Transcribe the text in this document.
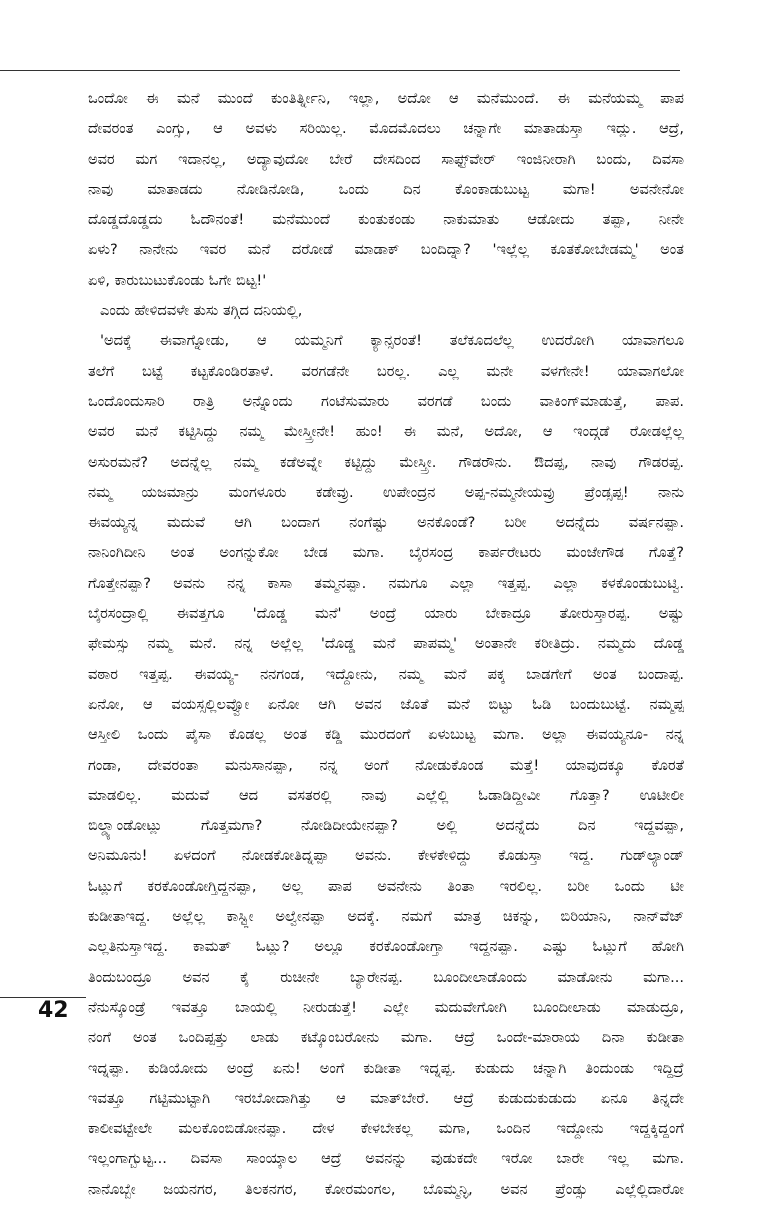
ಒಂದೋ ಈ ಮನೆ ಮುಂದೆ ಕುಂತಿರ್ತ್ನೀನಿ, ಇಲ್ಲಾ, ಅದೋ ಆ ಮನೆಮುಂದೆ. ಈ ಮನೆಯಮ್ಮ ಪಾಪ
ದೇವರಂತ ಎಂಗ್ಸು, ಆ ಅವಳು ಸರಿಯಿಲ್ಲ. ಮೊದಮೊದಲು ಚನ್ನಾಗೇ ಮಾತಾಡುಸ್ತಾ ಇದ್ಲು. ಆದ್ರೆ,
ಅವರ ಮಗ ಇದಾನಲ್ಲ, ಅದ್ಯಾವುದೋ ಬೇರೆ ದೇಸದಿಂದ ಸಾಫ್ಟ್‌ವೇರ್ ಇಂಜಿನೀರಾಗಿ ಬಂದು, ದಿವಸಾ
ನಾವು ಮಾತಾಡದು ನೋಡಿನೋಡಿ, ಒಂದು ದಿನ ಕೊಂಕಾಡುಬುಟ್ಟ ಮಗಾ! ಅವನೇನೋ
ದೊಡ್ಡದೊಡ್ಡದು ಓದೌನಂತೆ! ಮನೆಮುಂದೆ ಕುಂತುಕಂಡು ನಾಕುಮಾತು ಆಡೋದು ತಪ್ಪಾ, ನೀನೇ
ಏಳು? ನಾನೇನು ಇವರ ಮನೆ ದರೋಡೆ ಮಾಡಾಕ್ ಬಂದಿದ್ನಾ? 'ಇಲ್ಲೆಲ್ಲ ಕೂತಕೋಬೇಡಮ್ಮ' ಅಂತ
ಏಳಿ, ಕಾರುಬುಟುಕೊಂಡು ಓಗೇ ಬಿಟ್ಟ!'
ಎಂದು ಹೇಳಿದವಳೇ ತುಸು ತಗ್ಗಿದ ದನಿಯಲ್ಲಿ,
'ಅದಕ್ಕೆ ಈವಾಗ್ನೋಡು, ಆ ಯಮ್ಮನಿಗೆ ಕ್ಯಾನ್ಸರಂತೆ! ತಲೆಕೂದಲೆಲ್ಲ ಉದರೋಗಿ ಯಾವಾಗಲೂ
ತಲೆಗೆ ಬಟ್ಟೆ ಕಟ್ಟಕೊಂಡಿರತಾಳೆ. ವರಗಡೆನೇ ಬರಲ್ಲ. ಎಲ್ಲ ಮನೇ ವಳಗೇನೇ! ಯಾವಾಗಲೋ
ಒಂದೊಂದುಸಾರಿ ರಾತ್ರಿ ಅನ್ನೊಂದು ಗಂಟೆಸುಮಾರು ವರಗಡೆ ಬಂದು ವಾಕಿಂಗ್‌ಮಾಡುತ್ತೆ, ಪಾಪ.
ಅವರ ಮನೆ ಕಟ್ಟಿಸಿದ್ದು ನಮ್ಮ ಮೇಸ್ತ್ರೀನೇ! ಹುಂ! ಈ ಮನೆ, ಅದೋ, ಆ ಇಂದ್ಗಡೆ ರೋಡಲ್ಲೆಲ್ಲ
ಅಸುರಮನೆ? ಅದನ್ನೆಲ್ಲ ನಮ್ಮ ಕಡೆಅವ್ನೇ ಕಟ್ಟಿದ್ದು ಮೇಸ್ತ್ರೀ. ಗೌಡರೌನು. ಔದಪ್ಪ, ನಾವು ಗೌಡರಪ್ಪ.
ನಮ್ಮ ಯಜಮಾನ್ರು ಮಂಗಳೂರು ಕಡೇವ್ರು. ಉಪೇಂದ್ರನ ಅಪ್ಪ-ನಮ್ಮನೇಯವ್ರು ಪ್ರೆಂಡ್ಸಪ್ಪ! ನಾನು
ಈವಯ್ಯನ್ನ ಮದುವೆ ಆಗಿ ಬಂದಾಗ ನಂಗೆಷ್ಟು ಅನಕೊಂಡೆ? ಬರೀ ಅದನ್ನೆದು ವರ್ಷನಪ್ಪಾ.
ನಾನಿಂಗಿದೀನಿ ಅಂತ ಅಂಗನ್ನುಕೋ ಬೇಡ ಮಗಾ. ಬೈರಸಂದ್ರ ಕಾರ್ಪರೇಟರು ಮಂಜೇಗೌಡ ಗೊತ್ತೆ?
ಗೊತ್ತೇನಪ್ಪಾ? ಅವನು ನನ್ನ ಕಾಸಾ ತಮ್ಮನಪ್ಪಾ. ನಮಗೂ ಎಲ್ಲಾ ಇತ್ತಪ್ಪ. ಎಲ್ಲಾ ಕಳಕೊಂಡುಬುಟ್ವಿ.
ಬೈರಸಂದ್ರಾಲ್ಲಿ ಈವತ್ತಗೂ 'ದೊಡ್ಡ ಮನೆ' ಅಂದ್ರೆ ಯಾರು ಬೇಕಾದ್ರೂ ತೋರುಸ್ತಾರಪ್ಪ. ಅಷ್ಟು
ಫೇಮಸ್ಸು ನಮ್ಮ ಮನೆ. ನನ್ನ ಅಲ್ಲೆಲ್ಲ 'ದೊಡ್ಡ ಮನೆ ಪಾಪಮ್ಮ' ಅಂತಾನೇ ಕರೀತಿದ್ರು. ನಮ್ಮದು ದೊಡ್ಡ
ವಠಾರ ಇತ್ತಪ್ಪ. ಈವಯ್ಯ- ನನಗಂಡ, ಇದ್ದೋನು, ನಮ್ಮ ಮನೆ ಪಕ್ಕ ಬಾಡಗೇಗೆ ಅಂತ ಬಂದಾಪ್ಪ.
ಏನೋ, ಆ ವಯಸ್ಸಲ್ಲಿಲವ್ವೋ ಏನೋ ಆಗಿ ಅವನ ಜೊತೆ ಮನೆ ಬಿಟ್ಟು ಓಡಿ ಬಂದುಬುಟ್ಟೆ. ನಮ್ಮಪ್ಪ
ಆಸ್ತೀಲಿ ಒಂದು ಪೈಸಾ ಕೊಡಲ್ಲ ಅಂತ ಕಡ್ಡಿ ಮುರದಂಗೆ ಏಳುಬುಟ್ಟ ಮಗಾ. ಅಲ್ಲಾ ಈವಯ್ಯನೂ- ನನ್ನ
ಗಂಡಾ, ದೇವರಂತಾ ಮನುಸಾನಪ್ಪಾ, ನನ್ನ ಅಂಗೆ ನೋಡುಕೊಂಡ ಮತ್ತೆ! ಯಾವುದಕ್ಕೂ ಕೊರತೆ
ಮಾಡಲಿಲ್ಲ. ಮದುವೆ ಆದ ವಸತರಲ್ಲಿ ನಾವು ಎಲ್ಲೆಲ್ಲಿ ಓಡಾಡಿದ್ದೀವೀ ಗೊತ್ತಾ? ಊಟೀಲೀ
ಬಿಲ್ಡ್ಯಾಂಡೋಟ್ಲು ಗೊತ್ತಮಗಾ? ನೋಡಿದೀಯೇನಪ್ಪಾ? ಅಲ್ಲಿ ಅದನ್ನೆದು ದಿನ ಇದ್ದವಪ್ಪಾ,
ಅನಿಮೂನು! ಏಳದಂಗೆ ನೋಡಕೋತಿದ್ನಪ್ಪಾ ಅವನು. ಕೇಳಕೇಳಿದ್ದು ಕೊಡುಸ್ತಾ ಇದ್ದ. ಗುಡ್‌ಲ್ಯಾಂಡ್
ಓಟ್ಲುಗೆ ಕರಕೊಂಡೋಗ್ತಿದ್ದನಪ್ಪಾ, ಅಲ್ಲ ಪಾಪ ಅವನೇನು ತಿಂತಾ ಇರಲಿಲ್ಲ. ಬರೀ ಒಂದು ಟೀ
ಕುಡೀತಾಇದ್ದ. ಅಲ್ಲೆಲ್ಲ ಕಾಸ್ಟ್ಲೀ ಅಲ್ವೇನಪ್ಪಾ ಅದಕ್ಕೆ. ನಮಗೆ ಮಾತ್ರ ಚಿಕನ್ನು, ಬಿರಿಯಾನಿ, ನಾನ್‌ವೆಜ್
ಎಲ್ಲತಿನುಸ್ತಾಇದ್ದ. ಕಾಮತ್ ಓಟ್ಲು? ಅಲ್ಲೂ ಕರಕೊಂಡೋಗ್ತಾ ಇದ್ದನಪ್ಪಾ. ಎಷ್ಟು ಓಟ್ಲುಗೆ ಹೋಗಿ
ತಿಂದುಬಂದ್ರೂ ಅವನ ಕೈ ರುಚೀನೇ ಬ್ಯಾರೇನಪ್ಪ. ಬೂಂದೀಲಾಡೊಂದು ಮಾಡೋನು ಮಗಾ...
ನೆನುಸ್ಕೊಂಡ್ರೆ ಇವತ್ತೂ ಬಾಯಲ್ಲಿ ನೀರುಡುತ್ತೆ! ಎಲ್ಲೇ ಮದುವೇಗೋಗಿ ಬೂಂದೀಲಾಡು ಮಾಡುದ್ರೂ,
ನಂಗೆ ಅಂತ ಒಂದಿಪ್ಪತ್ತು ಲಾಡು ಕಟ್ಕೊಂಬರೋನು ಮಗಾ. ಆದ್ರೆ ಒಂದೇ-ಮಾರಾಯ ದಿನಾ ಕುಡೀತಾ
ಇದ್ನಪ್ಪಾ. ಕುಡಿಯೋದು ಅಂದ್ರೆ ಏನು! ಅಂಗೆ ಕುಡೀತಾ ಇದ್ನಪ್ಪ. ಕುಡುದು ಚನ್ನಾಗಿ ತಿಂದುಂಡು ಇದ್ದಿದ್ರೆ
ಇವತ್ತೂ ಗಟ್ಟಿಮುಟ್ಟಾಗಿ ಇರಬೋದಾಗಿತ್ತು ಆ ಮಾತ್‌ಬೇರೆ. ಆದ್ರೆ ಕುಡುದುಕುಡುದು ಏನೂ ತಿನ್ನದೇ
ಕಾಲೀವಟ್ಟೇಲೇ ಮಲಕೊಂಬಿಡೋನಪ್ಪಾ. ದೇಳ ಕೇಳಬೇಕಲ್ಲ ಮಗಾ, ಒಂದಿನ ಇದ್ದೋನು ಇದ್ದಕ್ಕಿದ್ದಂಗೆ
ಇಲ್ಲಂಗಾಗ್ಬುಟ್ಟ... ದಿವಸಾ ಸಾಂಯ್ಕಾಲ ಆದ್ರೆ ಅವನನ್ನು ವುಡುಕದೇ ಇರೋ ಬಾರೇ ಇಲ್ಲ ಮಗಾ.
ನಾನೊಬ್ಬೇ ಜಯನಗರ, ತಿಲಕನಗರ, ಕೋರಮಂಗಲ, ಬೊಮ್ಮನ್ಳಿ, ಅವನ ಪ್ರೆಂಡ್ಸು ಎಲ್ಲೆಲ್ಲಿದಾರೋ
42
